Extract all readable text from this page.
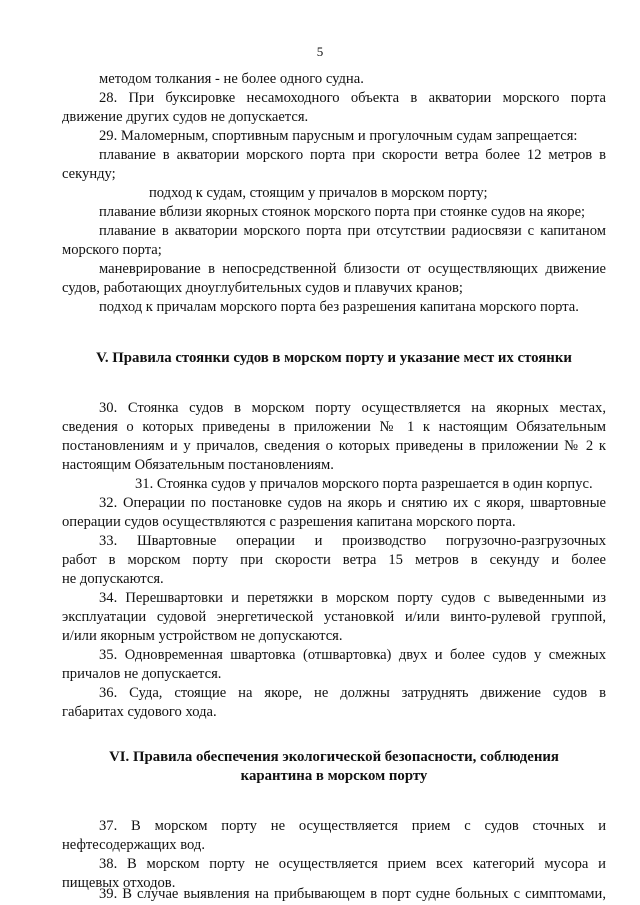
5
методом толкания - не более одного судна.
28. При буксировке несамоходного объекта в акватории морского порта
движение других судов не допускается.
29. Маломерным, спортивным парусным и прогулочным судам запрещается:
плавание в акватории морского порта при скорости ветра более 12 метров в
секунду;
подход к судам, стоящим у причалов в морском порту;
плавание вблизи якорных стоянок морского порта при стоянке судов на якоре;
плавание в акватории морского порта при отсутствии радиосвязи с капитаном
морского порта;
маневрирование в непосредственной близости от осуществляющих движение
судов, работающих дноуглубительных судов и плавучих кранов;
подход к причалам морского порта без разрешения капитана морского порта.
V. Правила стоянки судов в морском порту и указание мест их стоянки
30. Стоянка судов в морском порту осуществляется на якорных местах,
сведения о которых приведены в приложении № 1 к настоящим Обязательным
постановлениям и у причалов, сведения о которых приведены в приложении № 2 к
настоящим Обязательным постановлениям.
31. Стоянка судов у причалов морского порта разрешается в один корпус.
32. Операции по постановке судов на якорь и снятию их с якоря, швартовные
операции судов осуществляются с разрешения капитана морского порта.
33. Швартовные операции и производство погрузочно-разгрузочных
работ в морском порту при скорости ветра 15 метров в секунду и более
не допускаются.
34. Перешвартовки и перетяжки в морском порту судов с выведенными из
эксплуатации судовой энергетической установкой и/или винто-рулевой группой,
и/или якорным устройством не допускаются.
35. Одновременная швартовка (отшвартовка) двух и более судов у смежных
причалов не допускается.
36. Суда, стоящие на якоре, не должны затруднять движение судов в
габаритах судового хода.
VI. Правила обеспечения экологической безопасности, соблюдения
карантина в морском порту
37. В морском порту не осуществляется прием с судов сточных и
нефтесодержащих вод.
38. В морском порту не осуществляется прием всех категорий мусора и
пищевых отходов.
39. В случае выявления на прибывающем в порт судне больных с симптомами,
